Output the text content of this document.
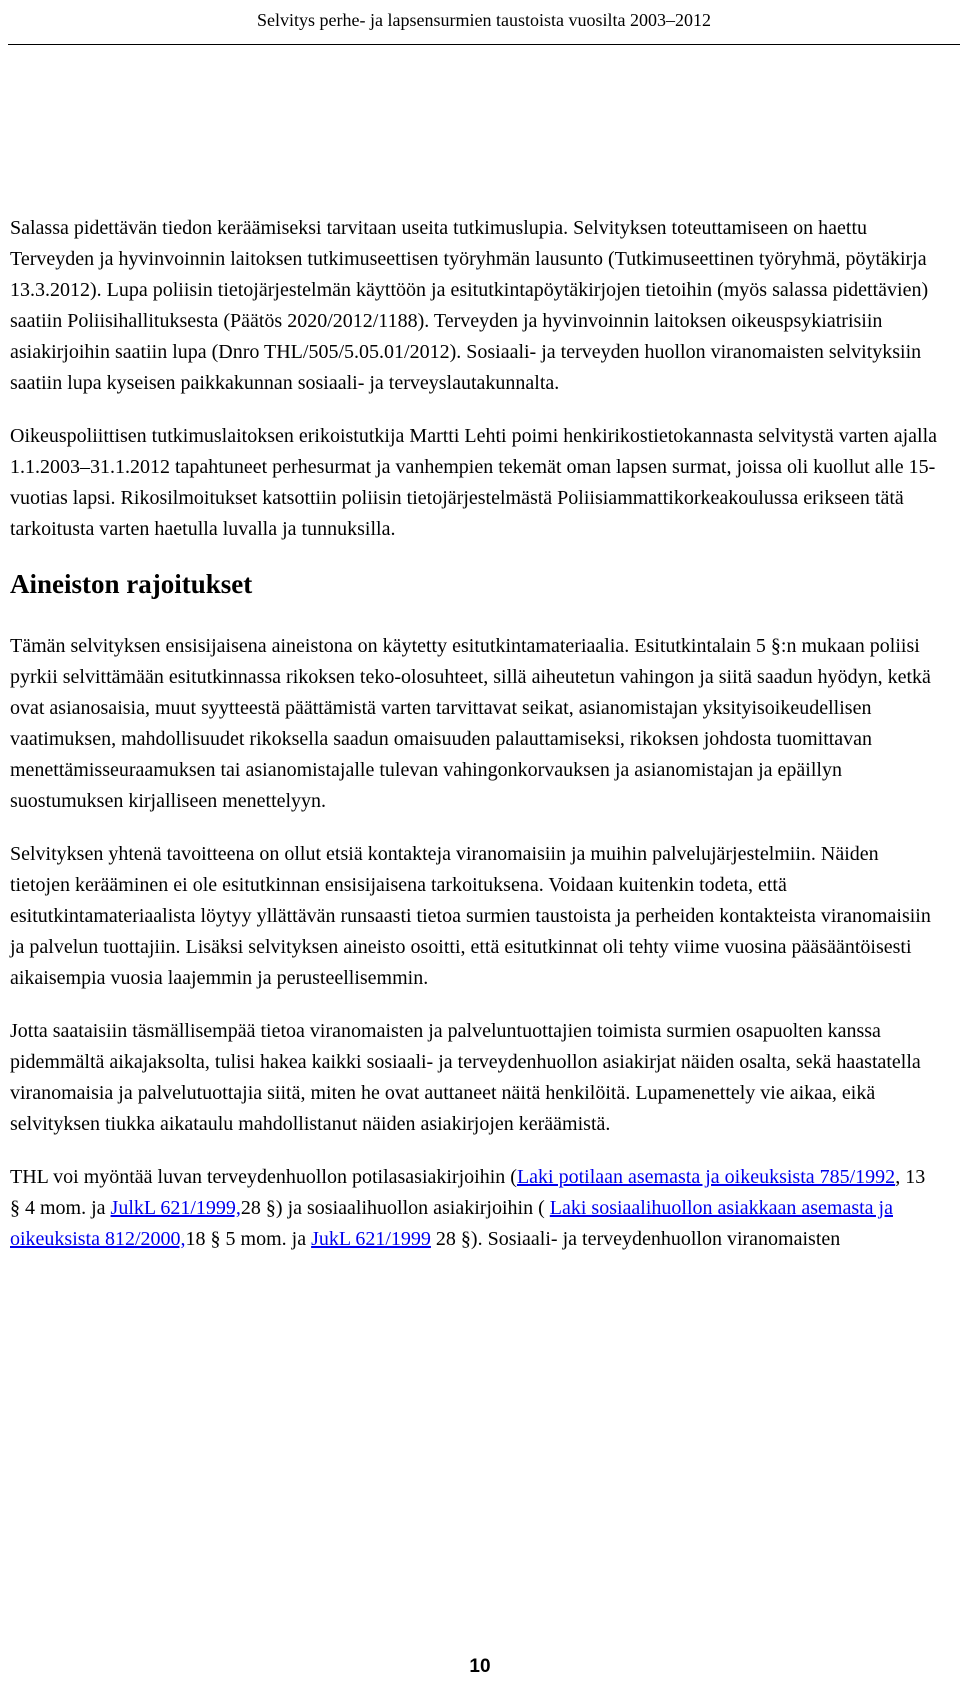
Selvitys perhe- ja lapsensurmien taustoista vuosilta 2003–2012

Salassa pidettävän tiedon keräämiseksi tarvitaan useita tutkimuslupia. Selvityksen toteuttamiseen on haettu Terveyden ja hyvinvoinnin laitoksen tutkimuseettisen työryhmän lausunto (Tutkimuseettinen työryhmä, pöytäkirja 13.3.2012). Lupa poliisin tietojärjestelmän käyttöön ja esitutkintapöytäkirjojen tietoihin (myös salassa pidettävien) saatiin Poliisihallituksesta (Päätös 2020/2012/1188). Terveyden ja hyvinvoinnin laitoksen oikeuspsykiatrisiin asiakirjoihin saatiin lupa (Dnro THL/505/5.05.01/2012). Sosiaali- ja terveyden huollon viranomaisten selvityksiin saatiin lupa kyseisen paikkakunnan sosiaali- ja terveyslautakunnalta.

Oikeuspoliittisen tutkimuslaitoksen erikoistutkija Martti Lehti poimi henkirikostietokannasta selvitystä varten ajalla 1.1.2003–31.1.2012 tapahtuneet perhesurmat ja vanhempien tekemät oman lapsen surmat, joissa oli kuollut alle 15-vuotias lapsi. Rikosilmoitukset katsottiin poliisin tietojärjestelmästä Poliisiammattikorkeakoulussa erikseen tätä tarkoitusta varten haetulla luvalla ja tunnuksilla.

Aineiston rajoitukset

Tämän selvityksen ensisijaisena aineistona on käytetty esitutkintamateriaalia. Esitutkintalain 5 §:n mukaan poliisi pyrkii selvittämään esitutkinnassa rikoksen teko-olosuhteet, sillä aiheutetun vahingon ja siitä saadun hyödyn, ketkä ovat asianosaisia, muut syytteestä päättämistä varten tarvittavat seikat, asianomistajan yksityisoikeudellisen vaatimuksen, mahdollisuudet rikoksella saadun omaisuuden palauttamiseksi, rikoksen johdosta tuomittavan menettämisseuraamuksen tai asianomistajalle tulevan vahingonkorvauksen ja asianomistajan ja epäillyn suostumuksen kirjalliseen menettelyyn.

Selvityksen yhtenä tavoitteena on ollut etsiä kontakteja viranomaisiin ja muihin palvelujärjestelmiin. Näiden tietojen kerääminen ei ole esitutkinnan ensisijaisena tarkoituksena. Voidaan kuitenkin todeta, että esitutkintamateriaalista löytyy yllättävän runsaasti tietoa surmien taustoista ja perheiden kontakteista viranomaisiin ja palvelun tuottajiin. Lisäksi selvityksen aineisto osoitti, että esitutkinnat oli tehty viime vuosina pääsääntöisesti aikaisempia vuosia laajemmin ja perusteellisemmin.

Jotta saataisiin täsmällisempää tietoa viranomaisten ja palveluntuottajien toimista surmien osapuolten kanssa pidemmältä aikajaksolta, tulisi hakea kaikki sosiaali- ja terveydenhuollon asiakirjat näiden osalta, sekä haastatella viranomaisia ja palvelutuottajia siitä, miten he ovat auttaneet näitä henkilöitä. Lupamenettely vie aikaa, eikä selvityksen tiukka aikataulu mahdollistanut näiden asiakirjojen keräämistä.

THL voi myöntää luvan terveydenhuollon potilasasiakirjoihin (Laki potilaan asemasta ja oikeuksista 785/1992, 13 § 4 mom. ja JulkL 621/1999,28 §) ja sosiaalihuollon asiakirjoihin ( Laki sosiaalihuollon asiakkaan asemasta ja oikeuksista 812/2000,18 § 5 mom. ja JukL 621/1999 28 §). Sosiaali- ja terveydenhuollon viranomaisten

10
